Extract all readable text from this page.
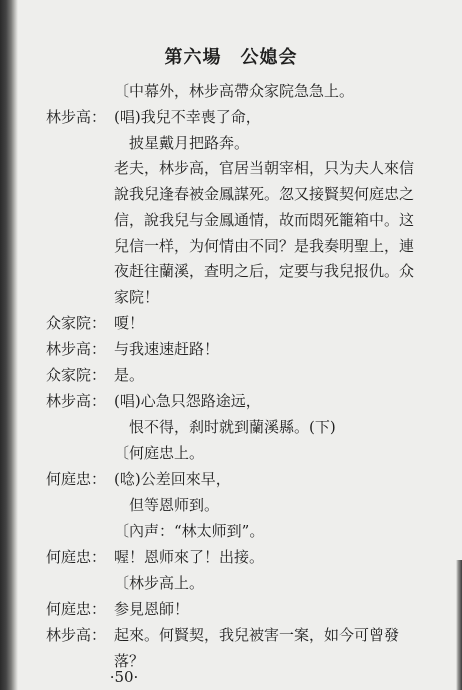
第六場　公媳会
〔中幕外，林步高帶众家院急急上。
林步高： (唱)我兒不幸喪了命，
　披星戴月把路奔。
老夫，林步高，官居当朝宰相，只为夫人來信
說我兒逢春被金鳳謀死。忽又接賢契何庭忠之
信，說我兒与金鳳通情，故而悶死籠箱中。这
兒信一样，为何情由不同？是我奏明聖上，連
夜赶往蘭溪，查明之后，定要与我兒报仇。众
家院！
众家院： 嗄！
林步高： 与我速速赶路！
众家院： 是。
林步高： (唱)心急只怨路途远，
　恨不得，刹时就到蘭溪縣。(下)
〔何庭忠上。
何庭忠： (唸)公差回來早，
　但等恩师到。
〔內声：“林太师到”。
何庭忠： 喔！恩师來了！出接。
〔林步高上。
何庭忠： 参見恩師！
林步高： 起來。何賢契，我兒被害一案，如今可曾發
落？
·50·
